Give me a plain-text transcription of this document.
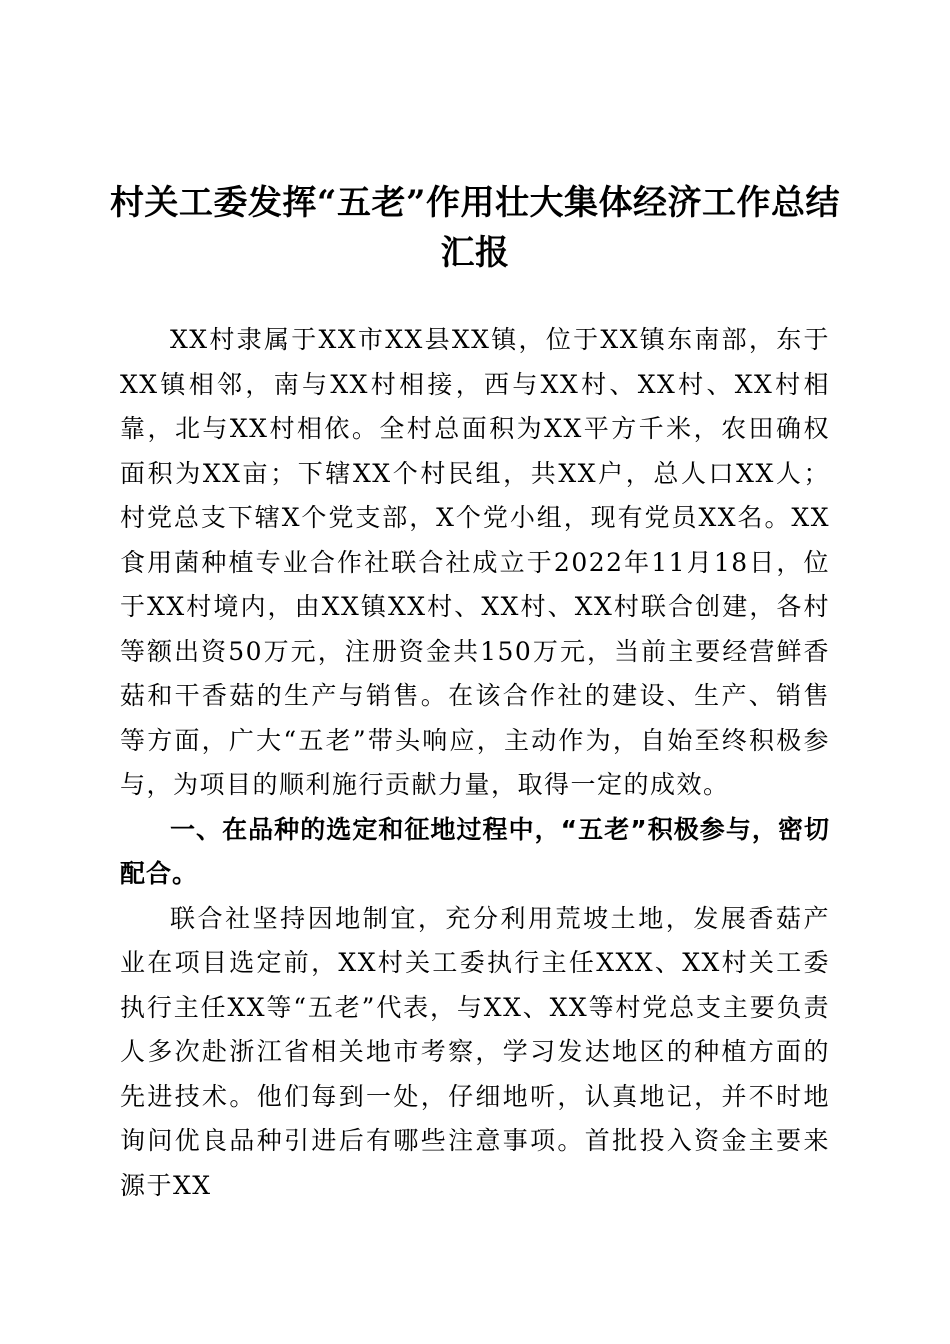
村关工委发挥“五老”作用壮大集体经济工作总结汇报

XX村隶属于XX市XX县XX镇，位于XX镇东南部，东于XX镇相邻，南与XX村相接，西与XX村、XX村、XX村相靠，北与XX村相依。全村总面积为XX平方千米，农田确权面积为XX亩；下辖XX个村民组，共XX户，总人口XX人；村党总支下辖X个党支部，X个党小组，现有党员XX名。XX食用菌种植专业合作社联合社成立于2022年11月18日，位于XX村境内，由XX镇XX村、XX村、XX村联合创建，各村等额出资50万元，注册资金共150万元，当前主要经营鲜香菇和干香菇的生产与销售。在该合作社的建设、生产、销售等方面，广大“五老”带头响应，主动作为，自始至终积极参与，为项目的顺利施行贡献力量，取得一定的成效。

一、在品种的选定和征地过程中，“五老”积极参与，密切配合。

联合社坚持因地制宜，充分利用荒坡土地，发展香菇产业在项目选定前，XX村关工委执行主任XXX、XX村关工委执行主任XX等“五老”代表，与XX、XX等村党总支主要负责人多次赴浙江省相关地市考察，学习发达地区的种植方面的先进技术。他们每到一处，仔细地听，认真地记，并不时地询问优良品种引进后有哪些注意事项。首批投入资金主要来源于XX
